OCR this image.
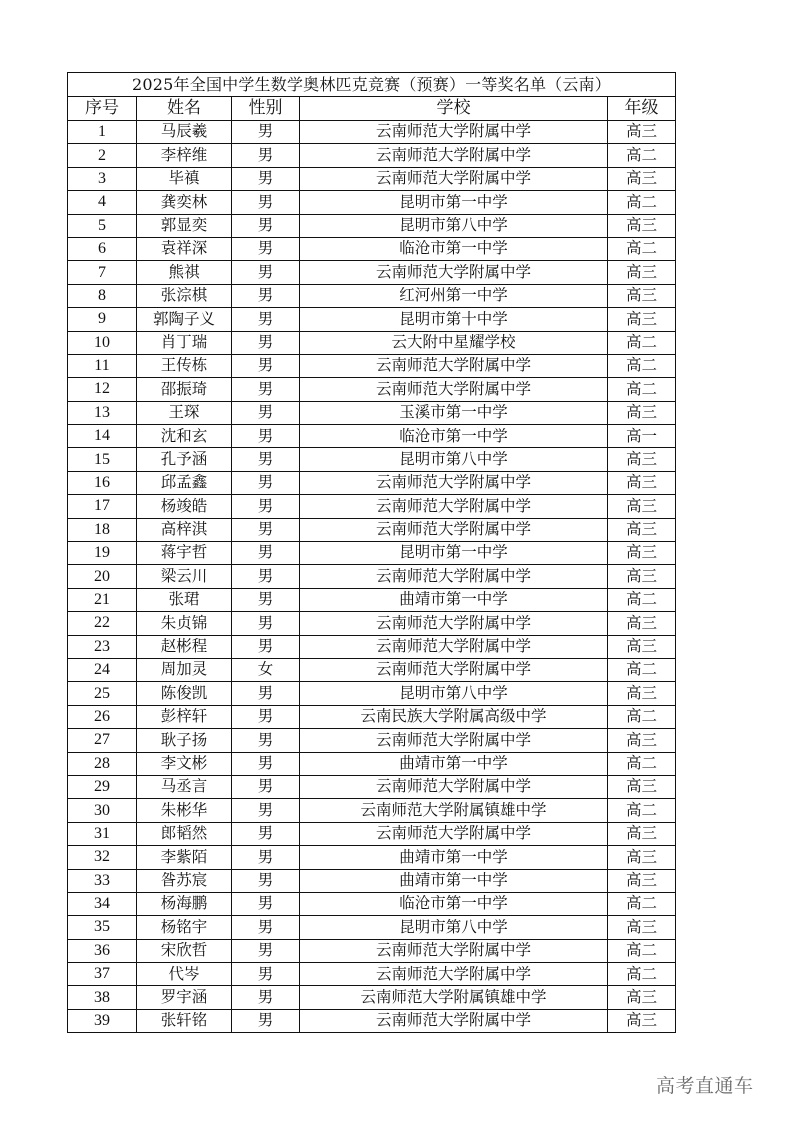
2025年全国中学生数学奥林匹克竞赛（预赛）一等奖名单（云南）				
序号	姓名	性别	学校	年级
1	马辰羲	男	云南师范大学附属中学	高三
2	李梓维	男	云南师范大学附属中学	高二
3	毕禛	男	云南师范大学附属中学	高三
4	龚奕林	男	昆明市第一中学	高二
5	郭显奕	男	昆明市第八中学	高三
6	袁祥深	男	临沧市第一中学	高二
7	熊祺	男	云南师范大学附属中学	高三
8	张淙棋	男	红河州第一中学	高三
9	郭陶子义	男	昆明市第十中学	高三
10	肖丁瑞	男	云大附中星耀学校	高二
11	王传栋	男	云南师范大学附属中学	高二
12	邵振琦	男	云南师范大学附属中学	高二
13	王琛	男	玉溪市第一中学	高三
14	沈和玄	男	临沧市第一中学	高一
15	孔予涵	男	昆明市第八中学	高三
16	邱孟鑫	男	云南师范大学附属中学	高三
17	杨竣皓	男	云南师范大学附属中学	高三
18	高梓淇	男	云南师范大学附属中学	高三
19	蒋宇哲	男	昆明市第一中学	高三
20	梁云川	男	云南师范大学附属中学	高三
21	张珺	男	曲靖市第一中学	高二
22	朱贞锦	男	云南师范大学附属中学	高三
23	赵彬程	男	云南师范大学附属中学	高三
24	周加灵	女	云南师范大学附属中学	高二
25	陈俊凯	男	昆明市第八中学	高三
26	彭梓轩	男	云南民族大学附属高级中学	高二
27	耿子扬	男	云南师范大学附属中学	高三
28	李文彬	男	曲靖市第一中学	高二
29	马丞言	男	云南师范大学附属中学	高三
30	朱彬华	男	云南师范大学附属镇雄中学	高二
31	郎韬然	男	云南师范大学附属中学	高三
32	李紫陌	男	曲靖市第一中学	高三
33	昝苏宸	男	曲靖市第一中学	高三
34	杨海鹏	男	临沧市第一中学	高二
35	杨铭宇	男	昆明市第八中学	高三
36	宋欣哲	男	云南师范大学附属中学	高二
37	代岑	男	云南师范大学附属中学	高二
38	罗宇涵	男	云南师范大学附属镇雄中学	高三
39	张轩铭	男	云南师范大学附属中学	高三
高考直通车
